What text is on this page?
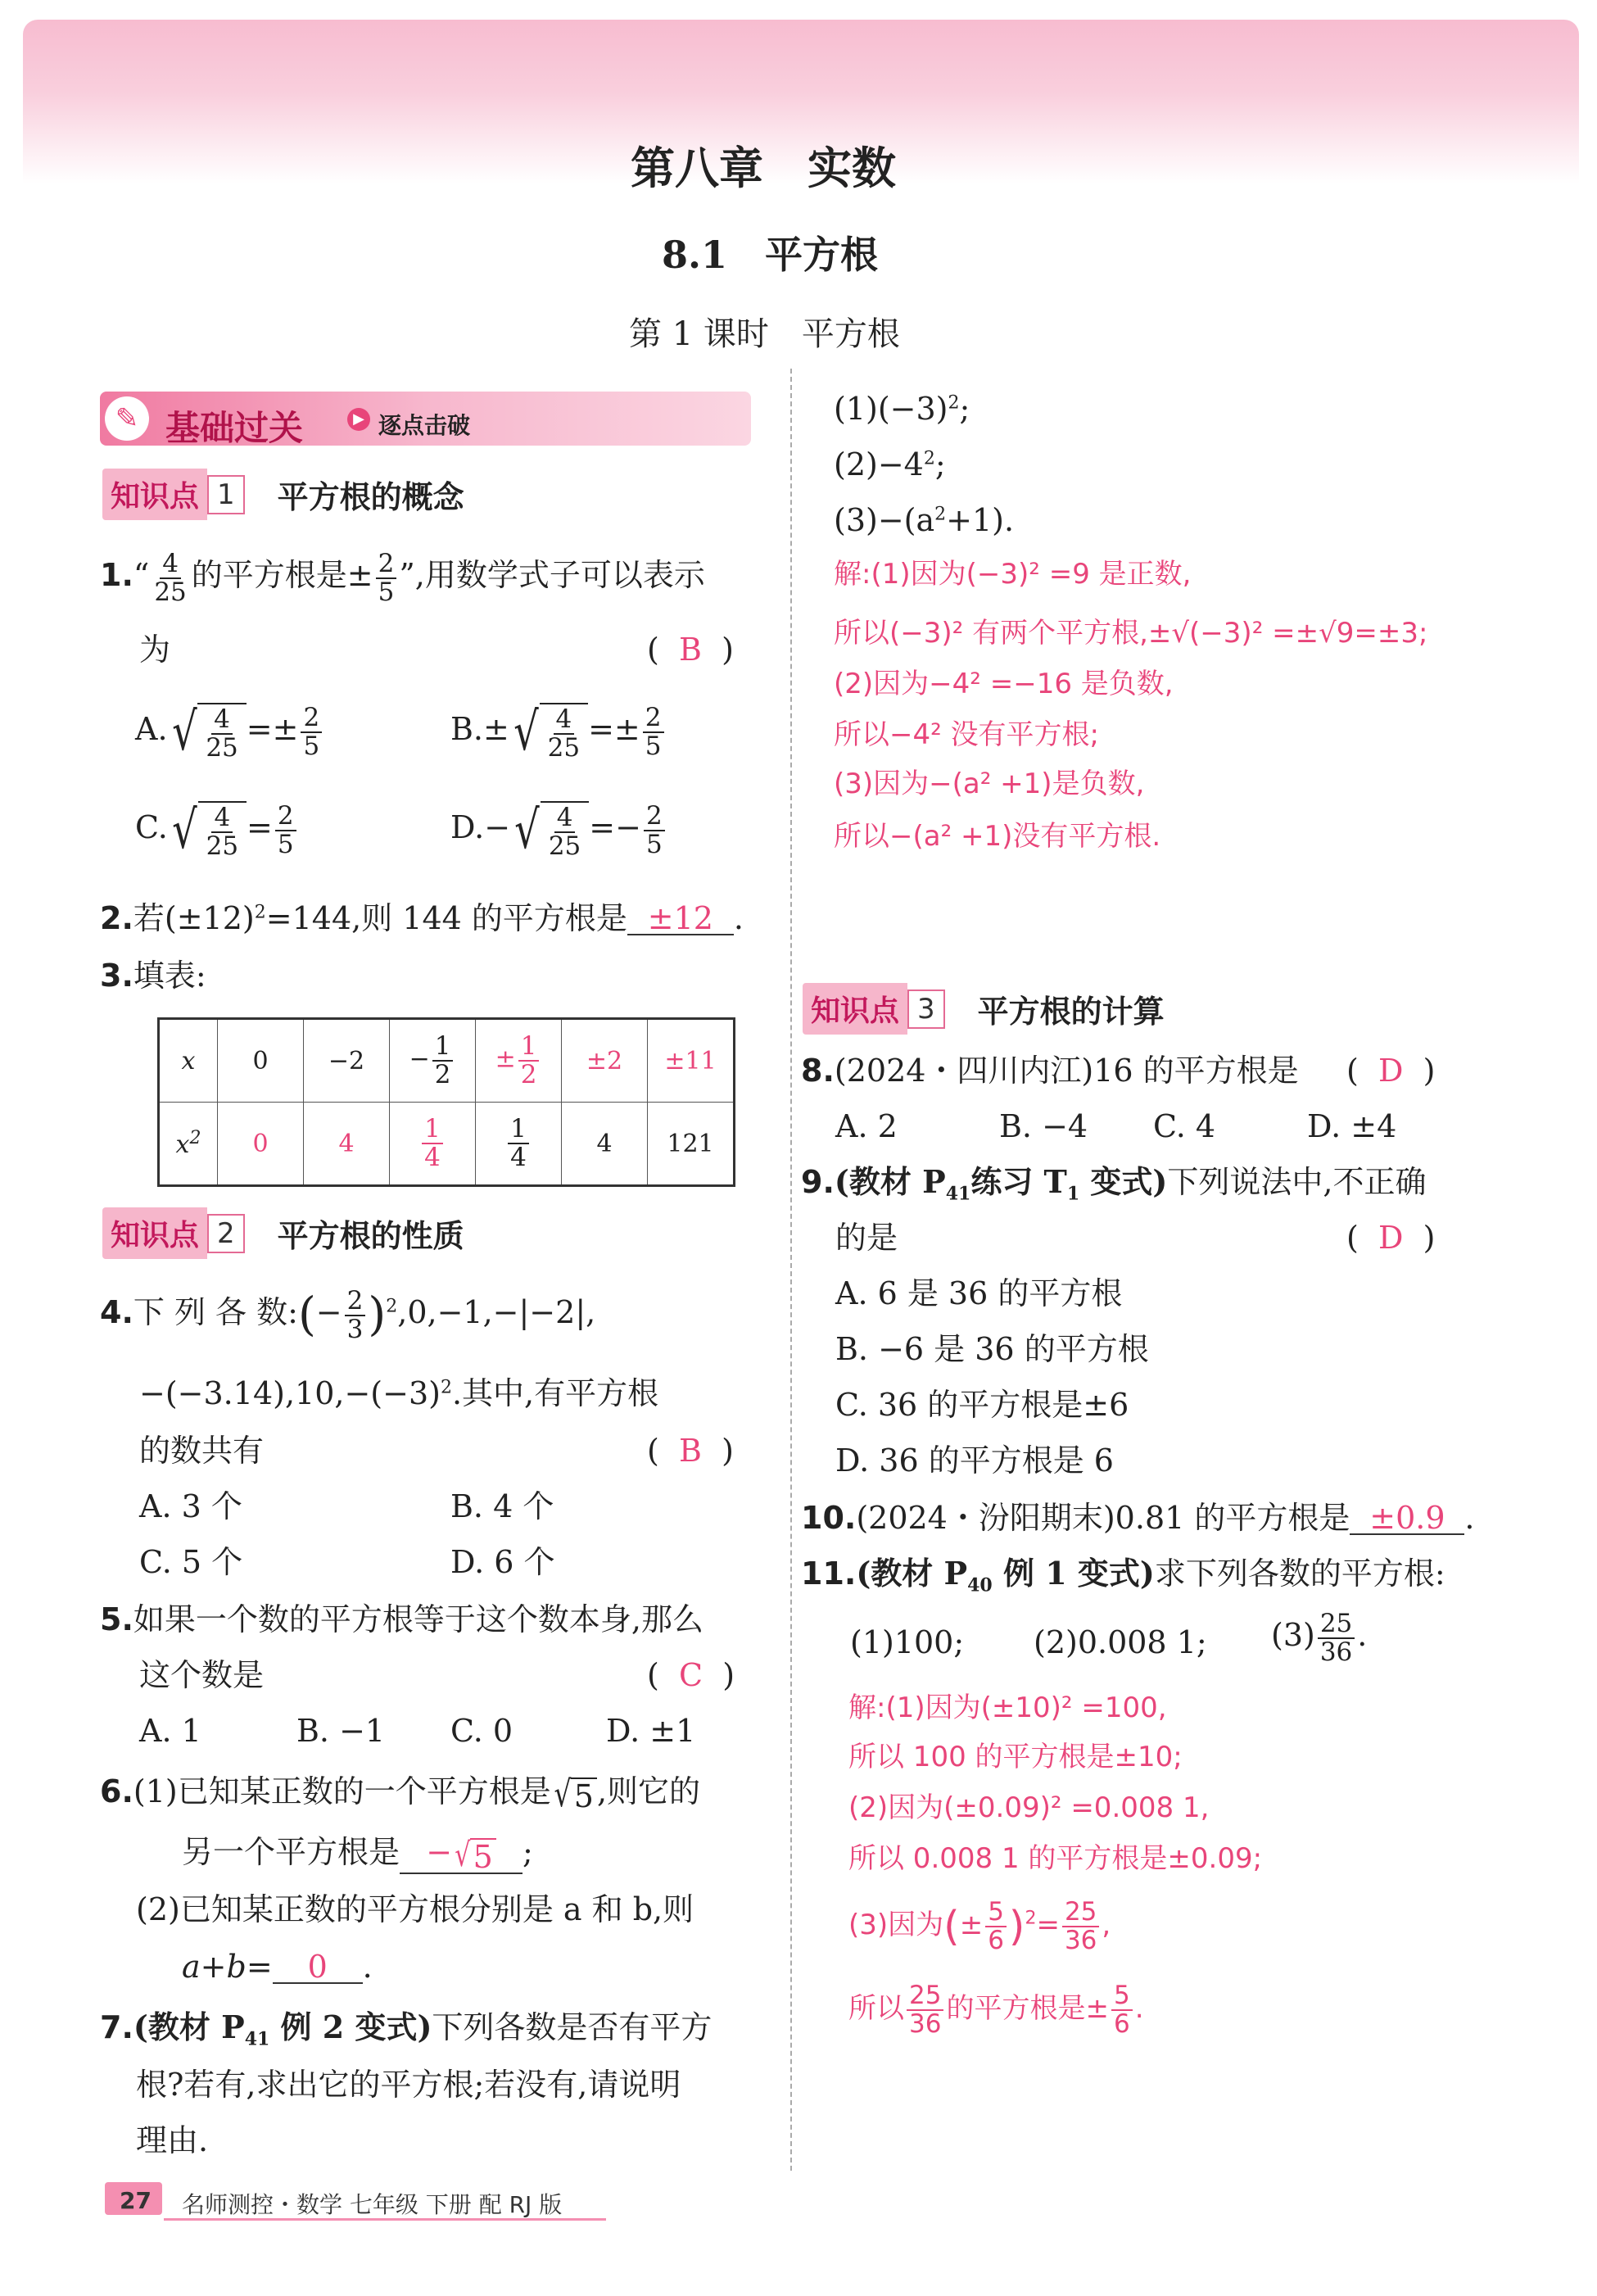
第八章　实数
8.1　平方根
第 1 课时　平方根
✎ 基础过关	▶ 逐点击破
知识点 1 平方根的概念
1.“ $\frac{4}{25}$ 的平方根是± $\frac{2}{5}$ ”,用数学式子可以表示
为	(  B  )
A. √ $\frac{4}{25} =\pm \frac{2}{5}$	B.± √ $\frac{4}{25} =\pm \frac{2}{5}$
C. √ $\frac{4}{25} = \frac{2}{5}$	D.− √ $\frac{4}{25} =- \frac{2}{5}$
2.若$(\pm 12)^2=144$,则 144 的平方根是 ±12 .
3.填表:
x	0	−2	− $\frac{1}{2}$	± $\frac{1}{2}$	±2	±11
$x^2$	0	4	$\frac{1}{4}$	$\frac{1}{4}$	4	121
知识点 2 平方根的性质
4.下 列 各 数:(− $\frac{2}{3} )^2,0,-1,-|-2|$,
$-(-3.14),10,-(-3)^2$.其中,有平方根
的数共有	(  B  )
A. 3 个	B. 4 个
C. 5 个	D. 6 个
5.如果一个数的平方根等于这个数本身,那么
这个数是	(  C  )
A. 1	B. −1 C. 0	D. ±1
6.(1)已知某正数的一个平方根是 √ 5 ,则它的
另一个平方根是 − √ 5 ;
(2)已知某正数的平方根分别是 a 和 b,则
a+b= 0 .
7.(教材 $P_{41}$ 例 2 变式)下列各数是否有平方
根?若有,求出它的平方根;若没有,请说明
理由.
$(1)(-3)^2$;
$(2)-4^2$;
$(3)-(a^2+1)$.
解:(1)因为(−3)² =9 是正数,
所以(−3)² 有两个平方根,±√(−3)² =±√9=±3;
(2)因为−4² =−16 是负数,
所以−4² 没有平方根;
(3)因为−(a² +1)是负数,
所以−(a² +1)没有平方根.
知识点 3 平方根的计算
8.(2024・四川内江)16 的平方根是 (  D  )
A. 2	B. −4 C. 4	D. ±4
9.(教材 $P_{41}$练习 $T_1$ 变式)下列说法中,不正确
的是	(  D  )
A. 6 是 36 的平方根
B. −6 是 36 的平方根
C. 36 的平方根是±6
D. 36 的平方根是 6
10.(2024・汾阳期末)0.81 的平方根是 ±0.9 .
11.(教材 $P_{40}$ 例 1 变式)求下列各数的平方根:
(1)100; (2)0.008 1; $(3) \frac{25}{36}$ .
解:(1)因为(±10)² =100,
所以 100 的平方根是±10;
(2)因为(±0.09)² =0.008 1,
所以 0.008 1 的平方根是±0.09;
(3)因为(± $\frac{5}{6} )^2= \frac{25}{36}$ ,
所以 $\frac{25}{36}$ 的平方根是± $\frac{5}{6}$ .
27 名师测控・数学 七年级 下册 配 RJ 版
